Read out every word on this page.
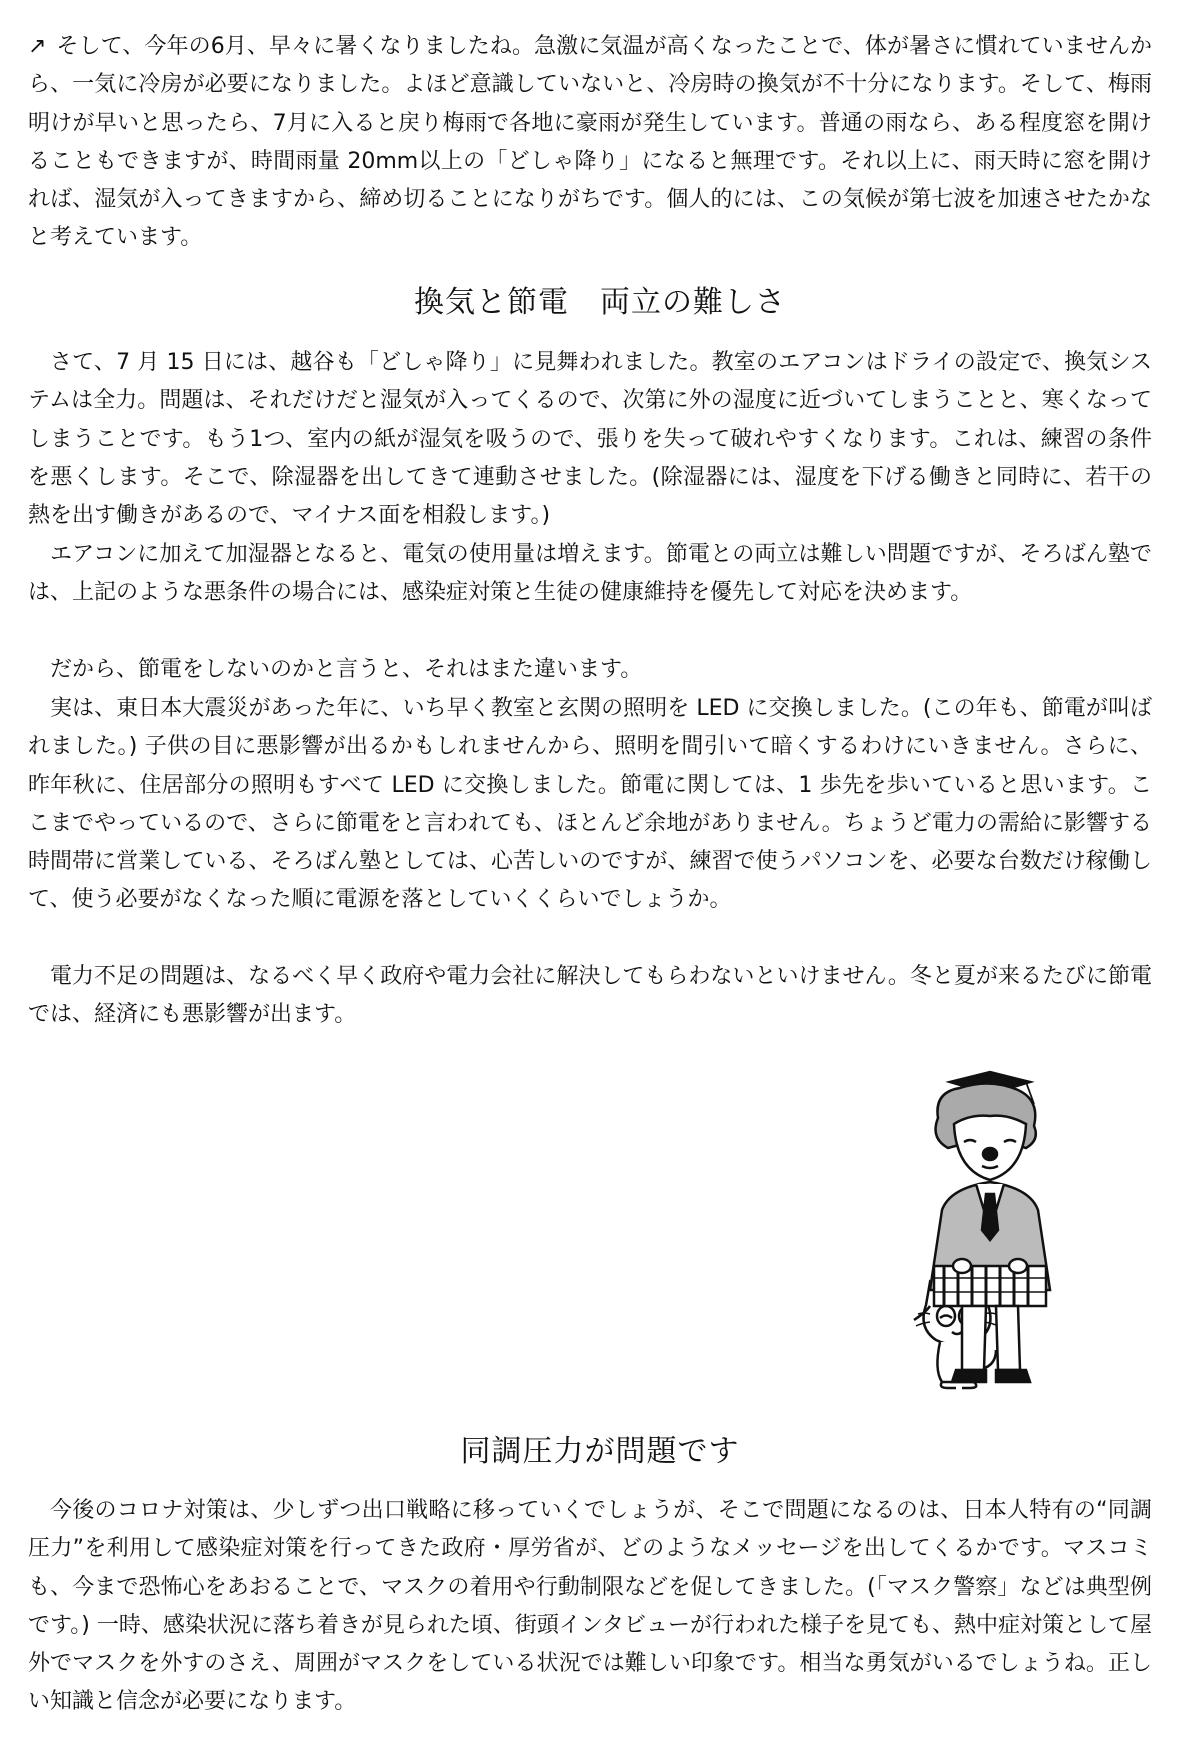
↗ そして、今年の6月、早々に暑くなりましたね。急激に気温が高くなったことで、体が暑さに慣れていませんから、一気に冷房が必要になりました。よほど意識していないと、冷房時の換気が不十分になります。そして、梅雨明けが早いと思ったら、7月に入ると戻り梅雨で各地に豪雨が発生しています。普通の雨なら、ある程度窓を開けることもできますが、時間雨量 20mm以上の「どしゃ降り」になると無理です。それ以上に、雨天時に窓を開ければ、湿気が入ってきますから、締め切ることになりがちです。個人的には、この気候が第七波を加速させたかなと考えています。

換気と節電　両立の難しさ

さて、7 月 15 日には、越谷も「どしゃ降り」に見舞われました。教室のエアコンはドライの設定で、換気システムは全力。問題は、それだけだと湿気が入ってくるので、次第に外の湿度に近づいてしまうことと、寒くなってしまうことです。もう1つ、室内の紙が湿気を吸うので、張りを失って破れやすくなります。これは、練習の条件を悪くします。そこで、除湿器を出してきて連動させました。(除湿器には、湿度を下げる働きと同時に、若干の熱を出す働きがあるので、マイナス面を相殺します。)

エアコンに加えて加湿器となると、電気の使用量は増えます。節電との両立は難しい問題ですが、そろばん塾では、上記のような悪条件の場合には、感染症対策と生徒の健康維持を優先して対応を決めます。

だから、節電をしないのかと言うと、それはまた違います。

実は、東日本大震災があった年に、いち早く教室と玄関の照明を LED に交換しました。(この年も、節電が叫ばれました。) 子供の目に悪影響が出るかもしれませんから、照明を間引いて暗くするわけにいきません。さらに、昨年秋に、住居部分の照明もすべて LED に交換しました。節電に関しては、1 歩先を歩いていると思います。ここまでやっているので、さらに節電をと言われても、ほとんど余地がありません。ちょうど電力の需給に影響する時間帯に営業している、そろばん塾としては、心苦しいのですが、練習で使うパソコンを、必要な台数だけ稼働して、使う必要がなくなった順に電源を落としていくくらいでしょうか。

電力不足の問題は、なるべく早く政府や電力会社に解決してもらわないといけません。冬と夏が来るたびに節電では、経済にも悪影響が出ます。

同調圧力が問題です

今後のコロナ対策は、少しずつ出口戦略に移っていくでしょうが、そこで問題になるのは、日本人特有の“同調圧力”を利用して感染症対策を行ってきた政府・厚労省が、どのようなメッセージを出してくるかです。マスコミも、今まで恐怖心をあおることで、マスクの着用や行動制限などを促してきました。(「マスク警察」などは典型例です。) 一時、感染状況に落ち着きが見られた頃、街頭インタビューが行われた様子を見ても、熱中症対策として屋外でマスクを外すのさえ、周囲がマスクをしている状況では難しい印象です。相当な勇気がいるでしょうね。正しい知識と信念が必要になります。
